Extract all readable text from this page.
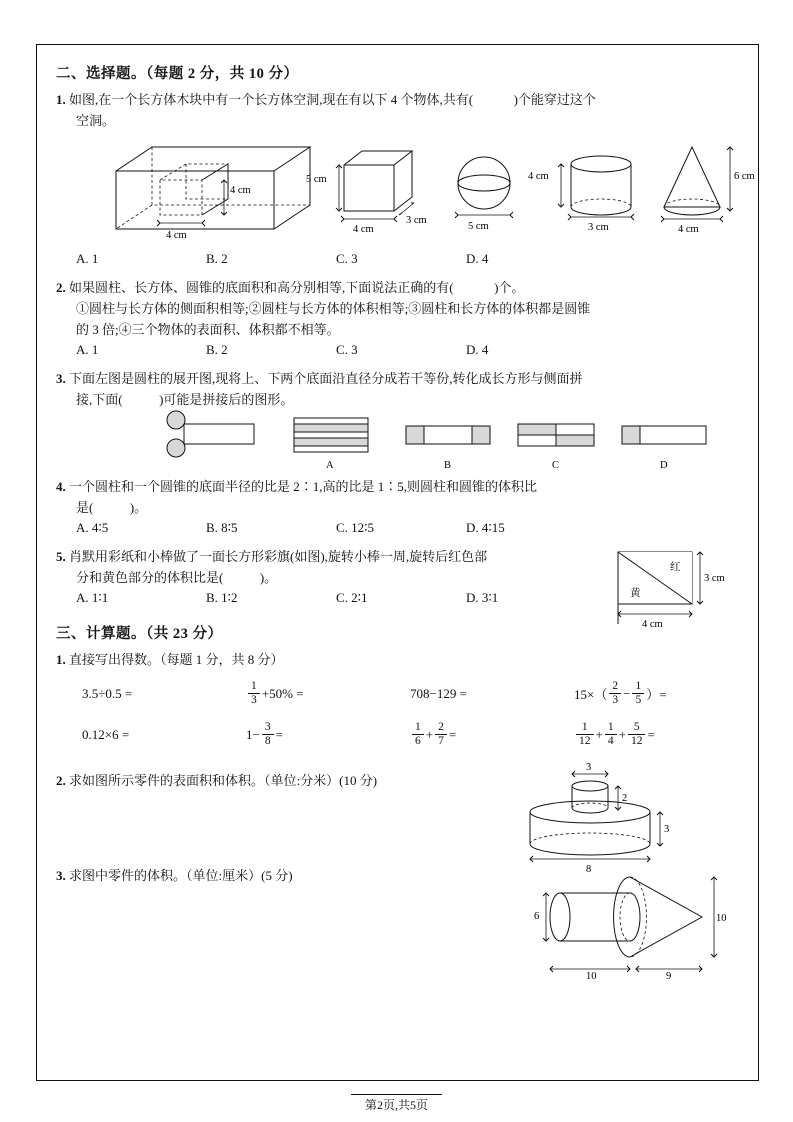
二、选择题。（每题 2 分，共 10 分）
1. 如图,在一个长方体木块中有一个长方体空洞,现在有以下 4 个物体,共有(	)个能穿过这个
空洞。
4 cm
4 cm
5 cm
4 cm
3 cm
5 cm
4 cm
3 cm
6 cm
4 cm
A. 1	B. 2	C. 3	D. 4
2. 如果圆柱、长方体、圆锥的底面积和高分别相等,下面说法正确的有(	)个。
①圆柱与长方体的侧面积相等;②圆柱与长方体的体积相等;③圆柱和长方体的体积都是圆锥
的 3 倍;④三个物体的表面积、体积都不相等。
A. 1	B. 2	C. 3	D. 4
3. 下面左图是圆柱的展开图,现将上、下两个底面沿直径分成若干等份,转化成长方形与侧面拼
接,下面(	)可能是拼接后的图形。
A	B	C	D
4. 一个圆柱和一个圆锥的底面半径的比是 2∶1,高的比是 1∶5,则圆柱和圆锥的体积比
是(	)。
A. 4∶5	B. 8∶5	C. 12∶5	D. 4∶15
5. 肖默用彩纸和小棒做了一面长方形彩旗(如图),旋转小棒一周,旋转后红色部
分和黄色部分的体积比是(	)。
A. 1∶1	B. 1∶2	C. 2∶1	D. 3∶1
红
黄
3 cm
4 cm
三、计算题。（共 23 分）
1. 直接写出得数。（每题 1 分，共 8 分）
3.5÷0.5 =	$\frac{1}{3} +50\%$ =	708−129 =	$15\times( \frac{2}{3} - \frac{1}{5}$ ）=
0.12×6 =	$1- \frac{3}{8}$ =	$\frac{1}{6} + \frac{2}{7}$ =	$\frac{1}{12} + \frac{1}{4} + \frac{5}{12}$ =
2. 求如图所示零件的表面积和体积。（单位:分米）(10 分)
3
2
3
8
3. 求图中零件的体积。（单位:厘米）(5 分)
6	10
10	9
第2页,共5页
